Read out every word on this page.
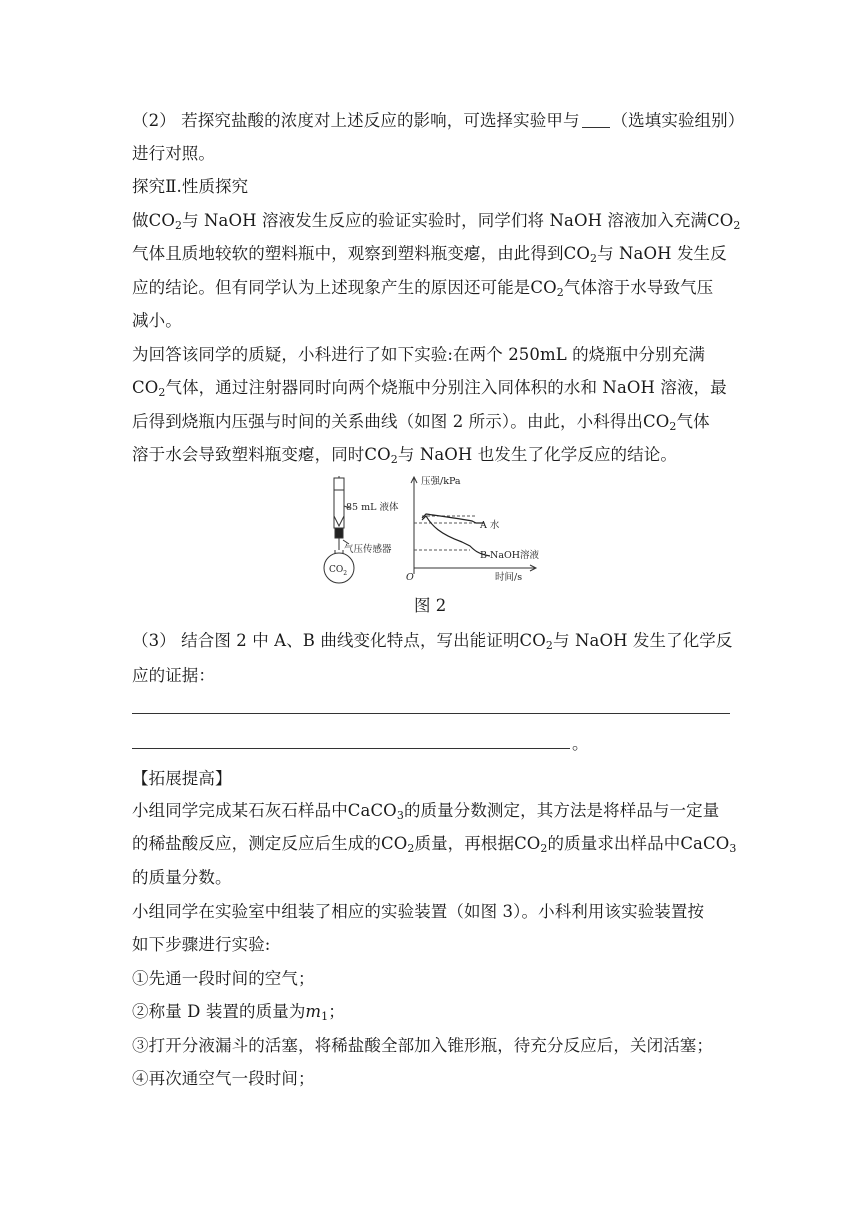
（2） 若探究盐酸的浓度对上述反应的影响，可选择实验甲与 （选填实验组别）
进行对照。
探究Ⅱ.性质探究
做$CO_2$与 NaOH 溶液发生反应的验证实验时，同学们将 NaOH 溶液加入充满$CO_2$
气体且质地较软的塑料瓶中，观察到塑料瓶变瘪，由此得到$CO_2$与 NaOH 发生反
应的结论。但有同学认为上述现象产生的原因还可能是$CO_2$气体溶于水导致气压
减小。
为回答该同学的质疑，小科进行了如下实验:在两个 250mL 的烧瓶中分别充满
$CO_2$气体，通过注射器同时向两个烧瓶中分别注入同体积的水和 NaOH 溶液，最
后得到烧瓶内压强与时间的关系曲线（如图 2 所示）。由此，小科得出$CO_2$气体
溶于水会导致塑料瓶变瘪，同时$CO_2$与 NaOH 也发生了化学反应的结论。
（3） 结合图 2 中 A、B 曲线变化特点，写出能证明$CO_2$与 NaOH 发生了化学反
应的证据：
。
【拓展提高】
小组同学完成某石灰石样品中CaCO$_3$的质量分数测定，其方法是将样品与一定量
的稀盐酸反应，测定反应后生成的$CO_2$质量，再根据$CO_2$的质量求出样品中CaCO$_3$
的质量分数。
小组同学在实验室中组装了相应的实验装置（如图 3）。小科利用该实验装置按
如下步骤进行实验:
①先通一段时间的空气；
②称量 D 装置的质量为$m_1$；
③打开分液漏斗的活塞，将稀盐酸全部加入锥形瓶，待充分反应后，关闭活塞；
④再次通空气一段时间；
85 mL 液体
气压传感器
$CO_2$
压强/kPa
时间/s
O
A 水
B NaOH溶液
图 2
